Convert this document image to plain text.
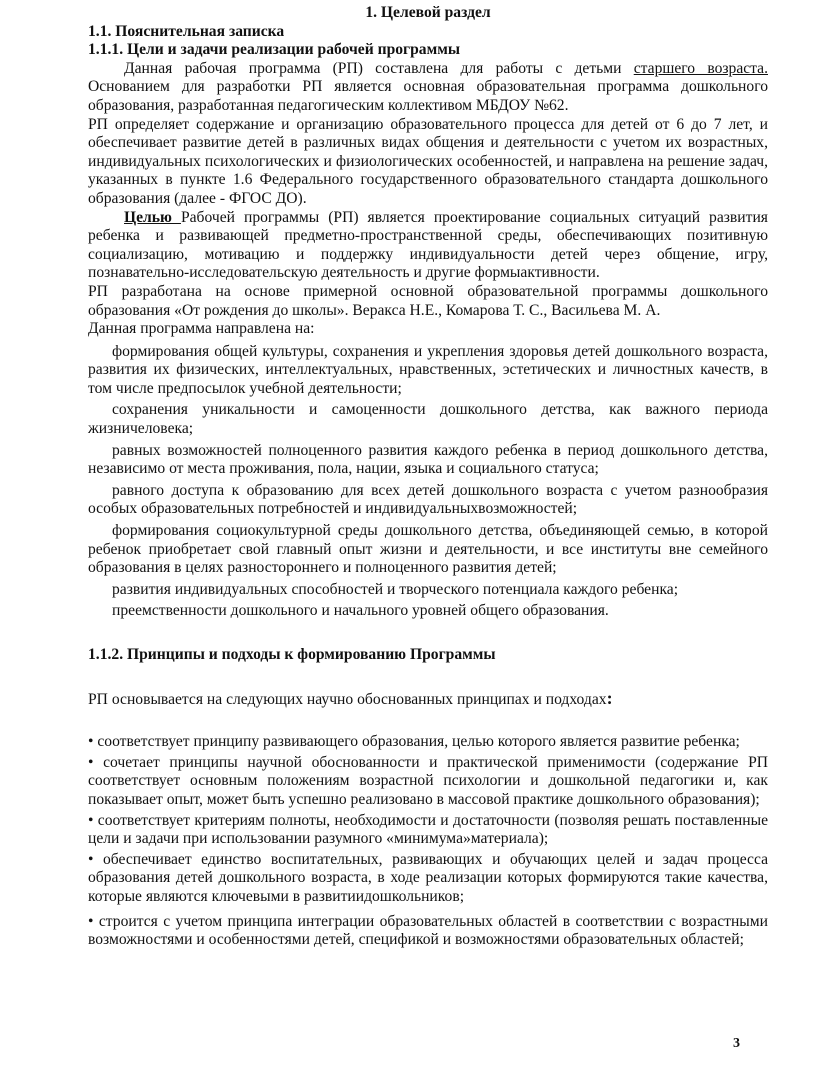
1. Целевой раздел

1.1. Пояснительная записка

1.1.1. Цели и задачи реализации рабочей программы

Данная рабочая программа (РП) составлена для работы с детьми старшего возраста. Основанием для разработки РП является основная образовательная программа дошкольного образования, разработанная педагогическим коллективом МБДОУ №62.

РП определяет содержание и организацию образовательного процесса для детей от 6 до 7 лет, и обеспечивает развитие детей в различных видах общения и деятельности с учетом их возрастных, индивидуальных психологических и физиологических особенностей, и направлена на решение задач, указанных в пункте 1.6 Федерального государственного образовательного стандарта дошкольного образования (далее - ФГОС ДО).

Целью Рабочей программы (РП) является проектирование социальных ситуаций развития ребенка и развивающей предметно-пространственной среды, обеспечивающих позитивную социализацию, мотивацию и поддержку индивидуальности детей через общение, игру, познавательно-исследовательскую деятельность и другие формыактивности.

РП разработана на основе примерной основной образовательной программы дошкольного образования «От рождения до школы». Веракса Н.Е., Комарова Т. С., Васильева М. А.

Данная программа направлена на:

формирования общей культуры, сохранения и укрепления здоровья детей дошкольного возраста, развития их физических, интеллектуальных, нравственных, эстетических и личностных качеств, в том числе предпосылок учебной деятельности;

сохранения уникальности и самоценности дошкольного детства, как важного периода жизничеловека;

равных возможностей полноценного развития каждого ребенка в период дошкольного детства, независимо от места проживания, пола, нации, языка и социального статуса;

равного доступа к образованию для всех детей дошкольного возраста с учетом разнообразия особых образовательных потребностей и индивидуальныхвозможностей;

формирования социокультурной среды дошкольного детства, объединяющей семью, в которой ребенок приобретает свой главный опыт жизни и деятельности, и все институты вне семейного образования в целях разностороннего и полноценного развития детей;

развития индивидуальных способностей и творческого потенциала каждого ребенка;

преемственности дошкольного и начального уровней общего образования.

1.1.2. Принципы и подходы к формированию Программы

РП основывается на следующих научно обоснованных принципах и подходах:

• соответствует принципу развивающего образования, целью которого является развитие ребенка;

• сочетает принципы научной обоснованности и практической применимости (содержание РП соответствует основным положениям возрастной психологии и дошкольной педагогики и, как показывает опыт, может быть успешно реализовано в массовой практике дошкольного образования);

• соответствует критериям полноты, необходимости и достаточности (позволяя решать поставленные цели и задачи при использовании разумного «минимума»материала);

• обеспечивает единство воспитательных, развивающих и обучающих целей и задач процесса образования детей дошкольного возраста, в ходе реализации которых формируются такие качества, которые являются ключевыми в развитиидошкольников;

• строится с учетом принципа интеграции образовательных областей в соответствии с возрастными возможностями и особенностями детей, спецификой и возможностями образовательных областей;

3
